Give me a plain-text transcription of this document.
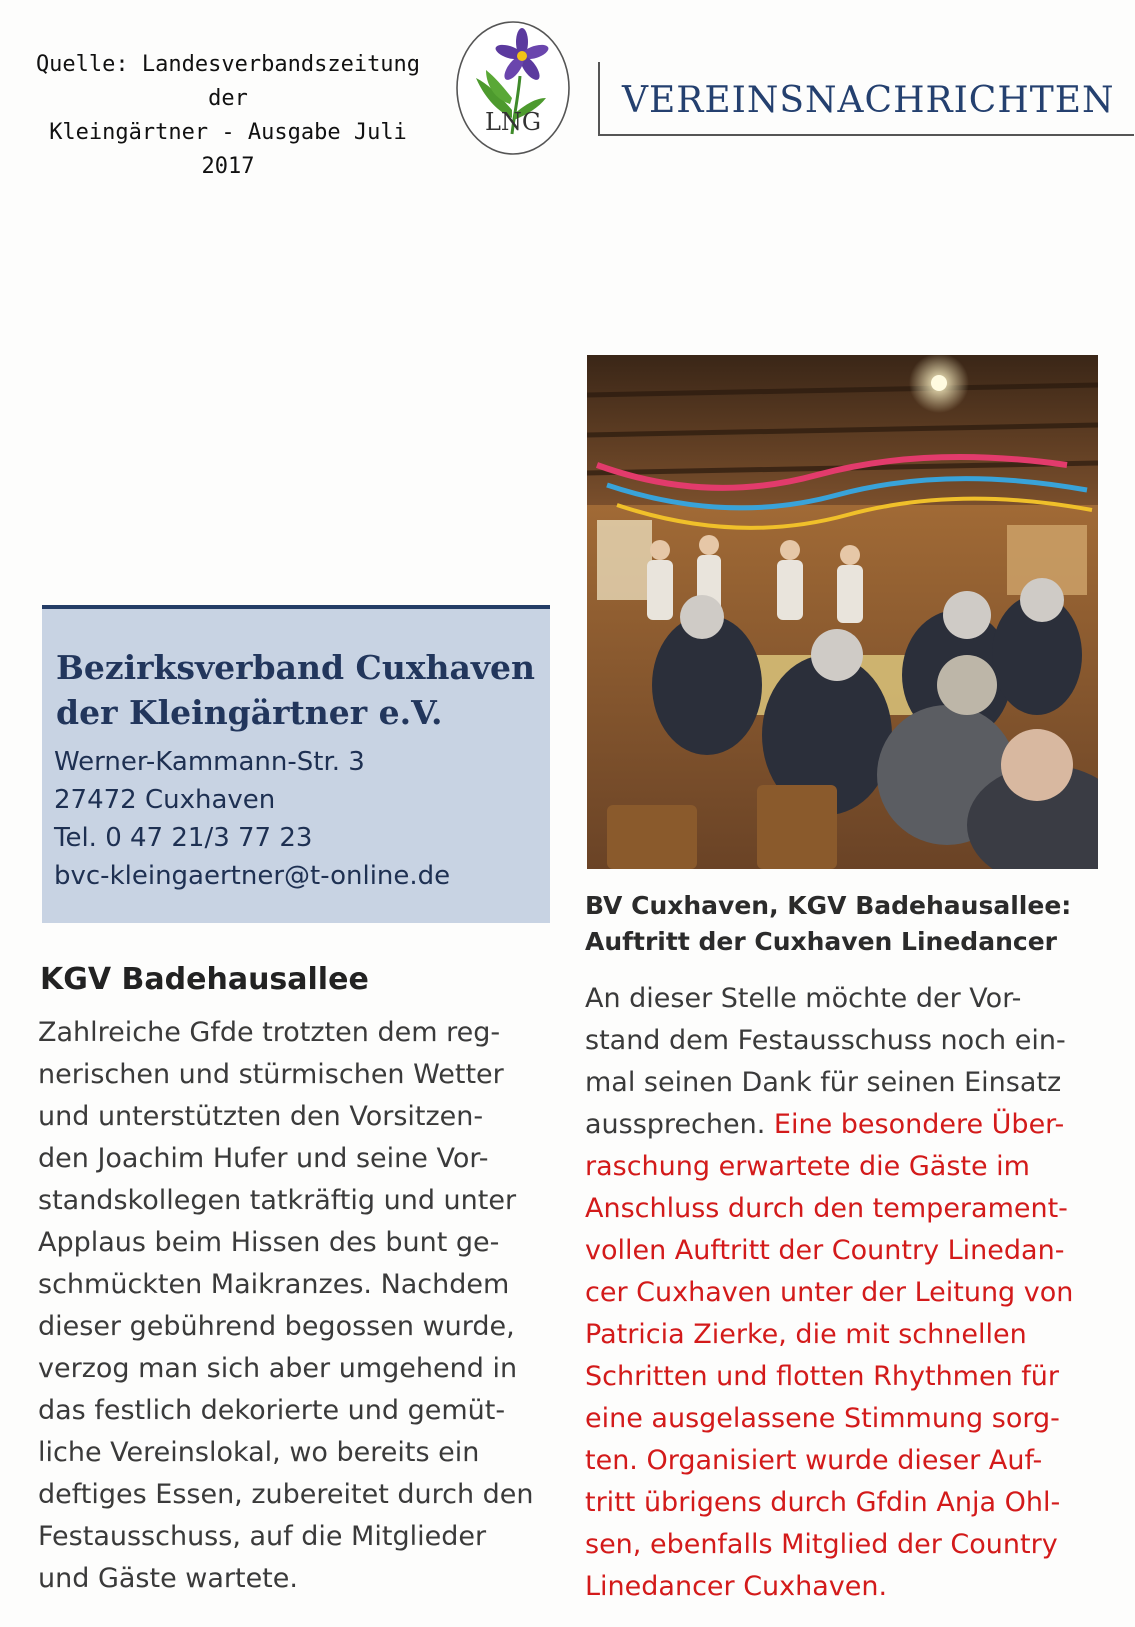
Quelle: Landesverbandszeitung der
Kleingärtner - Ausgabe Juli 2017
LNG
VEREINSNACHRICHTEN
Bezirksverband Cuxhaven
der Kleingärtner e.V.
Werner-Kammann-Str. 3
27472 Cuxhaven
Tel. 0 47 21/3 77 23
bvc-kleingaertner@t-online.de
BV Cuxhaven, KGV Badehausallee:
Auftritt der Cuxhaven Linedancer
KGV Badehausallee
Zahlreiche Gfde trotzten dem reg-
nerischen und stürmischen Wetter
und unterstützten den Vorsitzen-
den Joachim Hufer und seine Vor-
standskollegen tatkräftig und unter
Applaus beim Hissen des bunt ge-
schmückten Maikranzes. Nachdem
dieser gebührend begossen wurde,
verzog man sich aber umgehend in
das festlich dekorierte und gemüt-
liche Vereinslokal, wo bereits ein
deftiges Essen, zubereitet durch den
Festausschuss, auf die Mitglieder
und Gäste wartete.
An dieser Stelle möchte der Vor-
stand dem Festausschuss noch ein-
mal seinen Dank für seinen Einsatz
aussprechen. Eine besondere Über-
raschung erwartete die Gäste im
Anschluss durch den temperament-
vollen Auftritt der Country Linedan-
cer Cuxhaven unter der Leitung von
Patricia Zierke, die mit schnellen
Schritten und flotten Rhythmen für
eine ausgelassene Stimmung sorg-
ten. Organisiert wurde dieser Auf-
tritt übrigens durch Gfdin Anja Ohl-
sen, ebenfalls Mitglied der Country
Linedancer Cuxhaven.
